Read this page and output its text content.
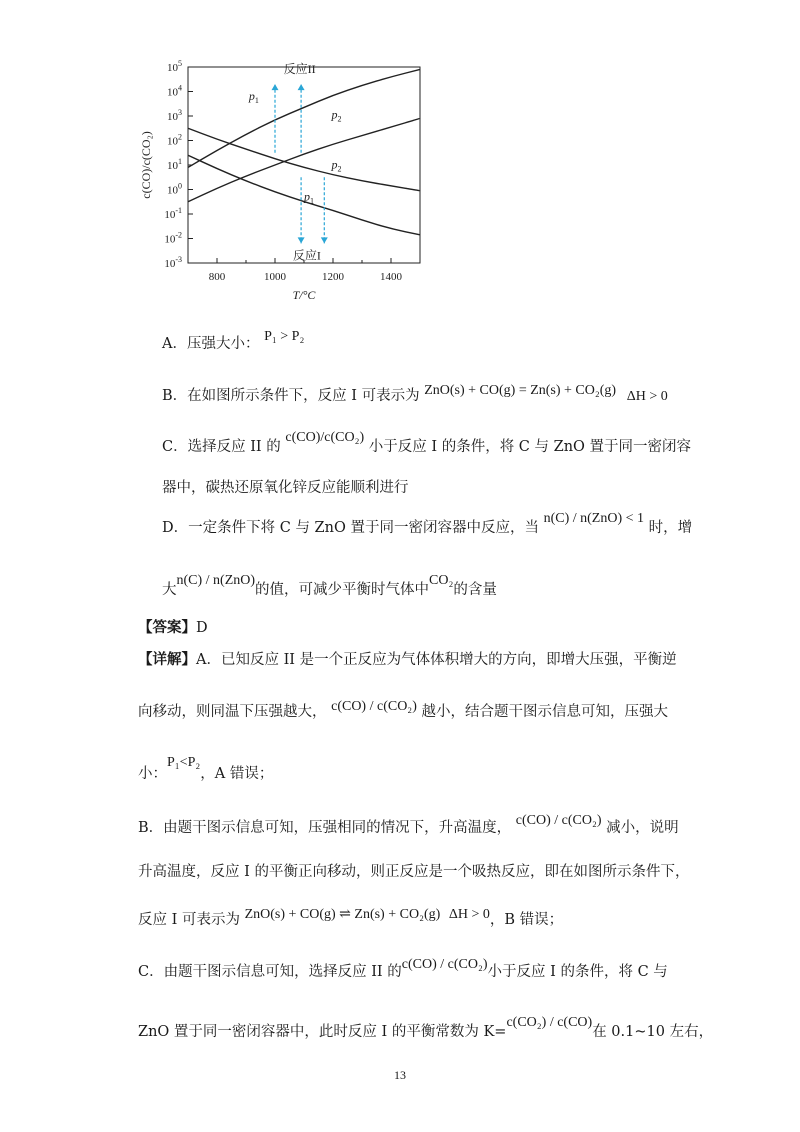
$10^5$
$10^4$
$10^3$
$10^2$
$10^1$
$10^0$
$10^{-1}$
$10^{-2}$
$10^{-3}$
800	1000	1200	1400
T/°C
c(CO)/c(CO₂)
反应II
反应I
$p_1$
$p_2$
$p_2$
$p_1$
A．压强大小： P₁ > P₂
B．在如图所示条件下，反应 I 可表示为 ZnO(s) + CO(g) = Zn(s) + CO₂(g) ΔH > 0
C．选择反应 II 的 c(CO)/c(CO₂) 小于反应 I 的条件，将 C 与 ZnO 置于同一密闭容
器中，碳热还原氧化锌反应能顺利进行
D．一定条件下将 C 与 ZnO 置于同一密闭容器中反应，当 n(C) / n(ZnO) < 1 时，增
大n(C) / n(ZnO)的值，可减少平衡时气体中CO₂的含量
【答案】D
【详解】A．已知反应 II 是一个正反应为气体体积增大的方向，即增大压强，平衡逆
向移动，则同温下压强越大， c(CO) / c(CO₂) 越小，结合题干图示信息可知，压强大
小：P₁<P₂，A 错误；
B．由题干图示信息可知，压强相同的情况下，升高温度， c(CO) / c(CO₂) 减小，说明
升高温度，反应 I 的平衡正向移动，则正反应是一个吸热反应，即在如图所示条件下，
反应 I 可表示为 ZnO(s) + CO(g) ⇌ Zn(s) + CO₂(g) ΔH > 0，B 错误；
C．由题干图示信息可知，选择反应 II 的c(CO) / c(CO₂)小于反应 I 的条件，将 C 与
ZnO 置于同一密闭容器中，此时反应 I 的平衡常数为 K=c(CO₂) / c(CO)在 0.1~10 左右，
13
